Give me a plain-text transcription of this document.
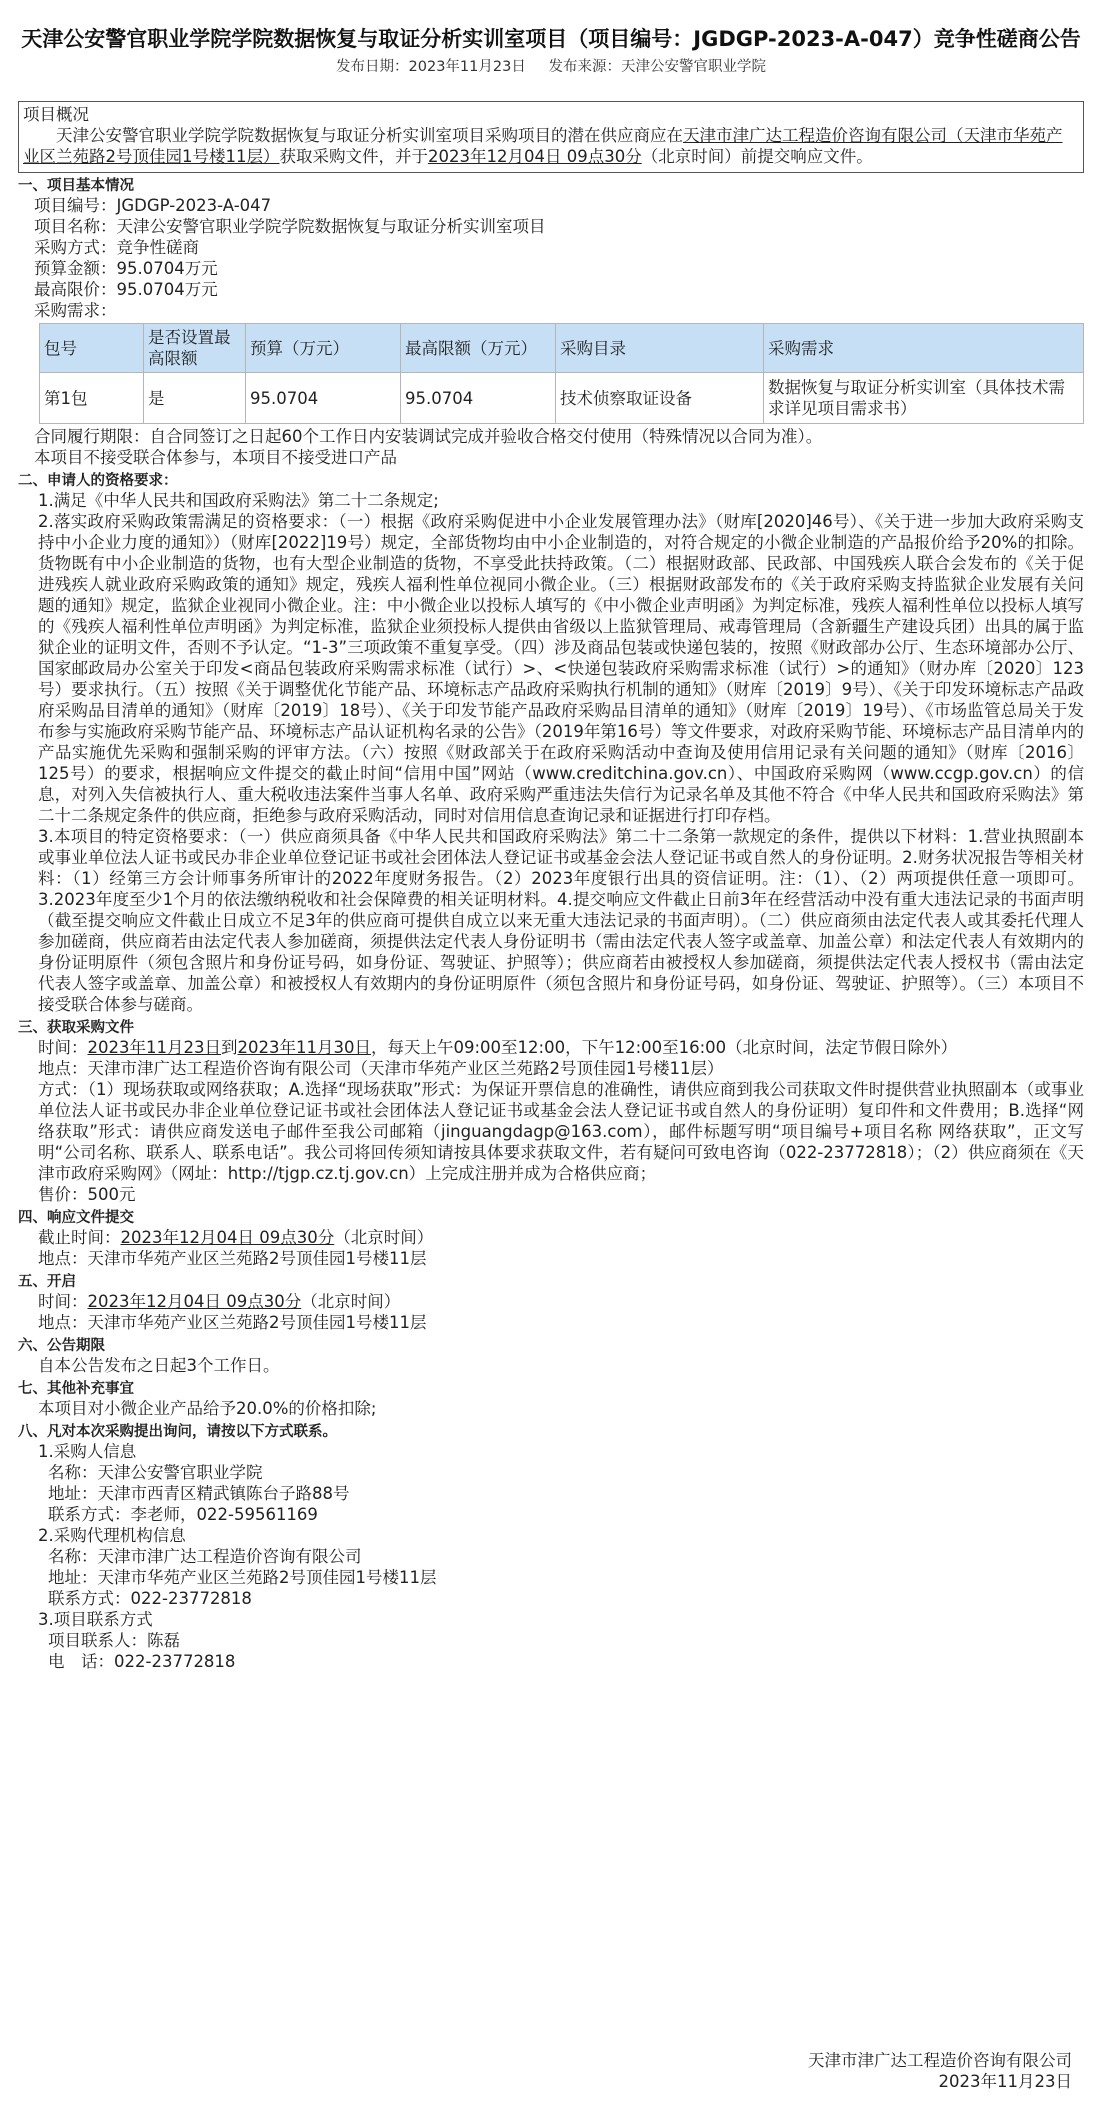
天津公安警官职业学院学院数据恢复与取证分析实训室项目（项目编号：JGDGP-2023-A-047）竞争性磋商公告
发布日期：2023年11月23日 发布来源：天津公安警官职业学院
项目概况
天津公安警官职业学院学院数据恢复与取证分析实训室项目采购项目的潜在供应商应在天津市津广达工程造价咨询有限公司（天津市华苑产业区兰苑路2号顶佳园1号楼11层）获取采购文件，并于2023年12月04日 09点30分（北京时间）前提交响应文件。
一、项目基本情况
项目编号：JGDGP-2023-A-047
项目名称：天津公安警官职业学院学院数据恢复与取证分析实训室项目
采购方式：竞争性磋商
预算金额：95.0704万元
最高限价：95.0704万元
采购需求：
包号	是否设置最高限额	预算（万元）	最高限额（万元）	采购目录	采购需求
第1包	是	95.0704	95.0704	技术侦察取证设备	数据恢复与取证分析实训室（具体技术需求详见项目需求书）
合同履行期限：自合同签订之日起60个工作日内安装调试完成并验收合格交付使用（特殊情况以合同为准）。
本项目不接受联合体参与，本项目不接受进口产品
二、申请人的资格要求：
1.满足《中华人民共和国政府采购法》第二十二条规定;
2.落实政府采购政策需满足的资格要求：（一）根据《政府采购促进中小企业发展管理办法》（财库[2020]46号）、《关于进一步加大政府采购支持中小企业力度的通知》）（财库[2022]19号）规定，全部货物均由中小企业制造的，对符合规定的小微企业制造的产品报价给予20%的扣除。货物既有中小企业制造的货物，也有大型企业制造的货物，不享受此扶持政策。（二）根据财政部、民政部、中国残疾人联合会发布的《关于促进残疾人就业政府采购政策的通知》规定，残疾人福利性单位视同小微企业。（三）根据财政部发布的《关于政府采购支持监狱企业发展有关问题的通知》规定，监狱企业视同小微企业。注：中小微企业以投标人填写的《中小微企业声明函》为判定标准，残疾人福利性单位以投标人填写的《残疾人福利性单位声明函》为判定标准，监狱企业须投标人提供由省级以上监狱管理局、戒毒管理局（含新疆生产建设兵团）出具的属于监狱企业的证明文件，否则不予认定。“1-3”三项政策不重复享受。（四）涉及商品包装或快递包装的，按照《财政部办公厅、生态环境部办公厅、国家邮政局办公室关于印发<商品包装政府采购需求标准（试行）>、<快递包装政府采购需求标准（试行）>的通知》（财办库〔2020〕123号）要求执行。（五）按照《关于调整优化节能产品、环境标志产品政府采购执行机制的通知》（财库〔2019〕9号）、《关于印发环境标志产品政府采购品目清单的通知》（财库〔2019〕18号）、《关于印发节能产品政府采购品目清单的通知》（财库〔2019〕19号）、《市场监管总局关于发布参与实施政府采购节能产品、环境标志产品认证机构名录的公告》（2019年第16号）等文件要求，对政府采购节能、环境标志产品目清单内的产品实施优先采购和强制采购的评审方法。（六）按照《财政部关于在政府采购活动中查询及使用信用记录有关问题的通知》（财库〔2016〕125号）的要求，根据响应文件提交的截止时间“信用中国”网站（www.creditchina.gov.cn）、中国政府采购网（www.ccgp.gov.cn）的信息，对列入失信被执行人、重大税收违法案件当事人名单、政府采购严重违法失信行为记录名单及其他不符合《中华人民共和国政府采购法》第二十二条规定条件的供应商，拒绝参与政府采购活动，同时对信用信息查询记录和证据进行打印存档。
3.本项目的特定资格要求：（一）供应商须具备《中华人民共和国政府采购法》第二十二条第一款规定的条件，提供以下材料：1.营业执照副本或事业单位法人证书或民办非企业单位登记证书或社会团体法人登记证书或基金会法人登记证书或自然人的身份证明。2.财务状况报告等相关材料：（1）经第三方会计师事务所审计的2022年度财务报告。（2）2023年度银行出具的资信证明。注：（1）、（2）两项提供任意一项即可。3.2023年度至少1个月的依法缴纳税收和社会保障费的相关证明材料。4.提交响应文件截止日前3年在经营活动中没有重大违法记录的书面声明（截至提交响应文件截止日成立不足3年的供应商可提供自成立以来无重大违法记录的书面声明）。（二）供应商须由法定代表人或其委托代理人参加磋商，供应商若由法定代表人参加磋商，须提供法定代表人身份证明书（需由法定代表人签字或盖章、加盖公章）和法定代表人有效期内的身份证明原件（须包含照片和身份证号码，如身份证、驾驶证、护照等）；供应商若由被授权人参加磋商，须提供法定代表人授权书（需由法定代表人签字或盖章、加盖公章）和被授权人有效期内的身份证明原件（须包含照片和身份证号码，如身份证、驾驶证、护照等）。（三）本项目不接受联合体参与磋商。
三、获取采购文件
时间：2023年11月23日到2023年11月30日，每天上午09:00至12:00，下午12:00至16:00（北京时间，法定节假日除外）
地点：天津市津广达工程造价咨询有限公司（天津市华苑产业区兰苑路2号顶佳园1号楼11层）
方式：（1）现场获取或网络获取；A.选择“现场获取”形式：为保证开票信息的准确性，请供应商到我公司获取文件时提供营业执照副本（或事业单位法人证书或民办非企业单位登记证书或社会团体法人登记证书或基金会法人登记证书或自然人的身份证明）复印件和文件费用；B.选择“网络获取”形式：请供应商发送电子邮件至我公司邮箱（jinguangdagp@163.com），邮件标题写明“项目编号+项目名称 网络获取”，正文写明“公司名称、联系人、联系电话”。我公司将回传须知请按具体要求获取文件，若有疑问可致电咨询（022-23772818）；（2）供应商须在《天津市政府采购网》（网址：http://tjgp.cz.tj.gov.cn）上完成注册并成为合格供应商；
售价：500元
四、响应文件提交
截止时间：2023年12月04日 09点30分（北京时间）
地点：天津市华苑产业区兰苑路2号顶佳园1号楼11层
五、开启
时间：2023年12月04日 09点30分（北京时间）
地点：天津市华苑产业区兰苑路2号顶佳园1号楼11层
六、公告期限
自本公告发布之日起3个工作日。
七、其他补充事宜
本项目对小微企业产品给予20.0%的价格扣除;
八、凡对本次采购提出询问，请按以下方式联系。
1.采购人信息
名称：天津公安警官职业学院
地址：天津市西青区精武镇陈台子路88号
联系方式：李老师，022-59561169
2.采购代理机构信息
名称：天津市津广达工程造价咨询有限公司
地址：天津市华苑产业区兰苑路2号顶佳园1号楼11层
联系方式：022-23772818
3.项目联系方式
项目联系人：陈磊
电　话：022-23772818
天津市津广达工程造价咨询有限公司
2023年11月23日
